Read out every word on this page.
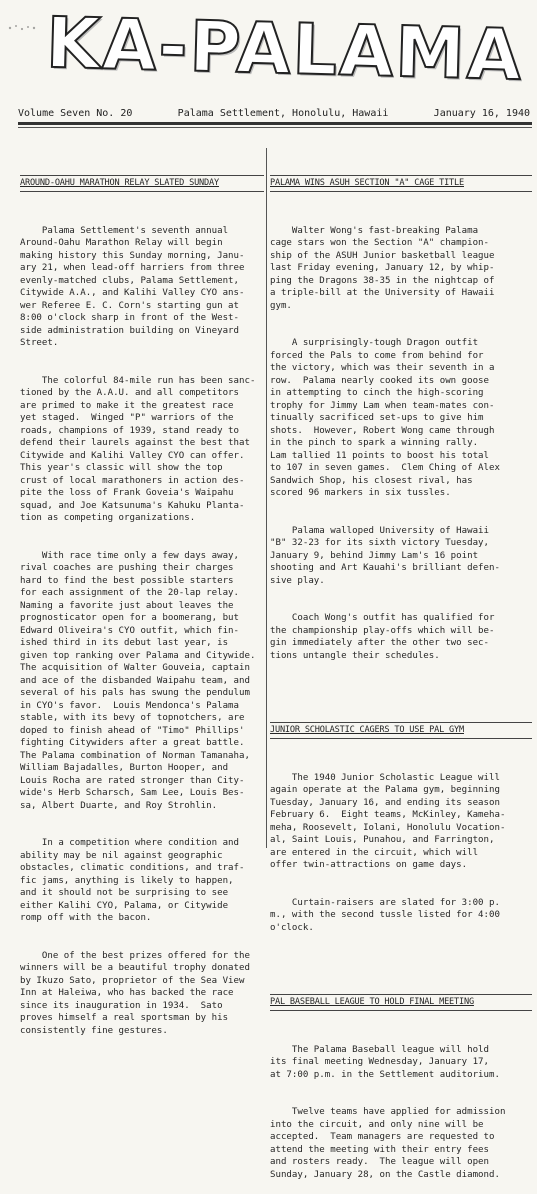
KA-PALAMA
Volume Seven No. 20	Palama Settlement, Honolulu, Hawaii	January 16, 1940

AROUND-OAHU MARATHON RELAY SLATED SUNDAY

Palama Settlement's seventh annual
Around-Oahu Marathon Relay will begin
making history this Sunday morning, Janu-
ary 21, when lead-off harriers from three
evenly-matched clubs, Palama Settlement,
Citywide A.A., and Kalihi Valley CYO ans-
wer Referee E. C. Corn's starting gun at
8:00 o'clock sharp in front of the West-
side administration building on Vineyard
Street.

The colorful 84-mile run has been sanc-
tioned by the A.A.U. and all competitors
are primed to make it the greatest race
yet staged.  Winged "P" warriors of the
roads, champions of 1939, stand ready to
defend their laurels against the best that
Citywide and Kalihi Valley CYO can offer.
This year's classic will show the top
crust of local marathoners in action des-
pite the loss of Frank Goveia's Waipahu
squad, and Joe Katsunuma's Kahuku Planta-
tion as competing organizations.

With race time only a few days away,
rival coaches are pushing their charges
hard to find the best possible starters
for each assignment of the 20-lap relay.
Naming a favorite just about leaves the
prognosticator open for a boomerang, but
Edward Oliveira's CYO outfit, which fin-
ished third in its debut last year, is
given top ranking over Palama and Citywide.
The acquisition of Walter Gouveia, captain
and ace of the disbanded Waipahu team, and
several of his pals has swung the pendulum
in CYO's favor.  Louis Mendonca's Palama
stable, with its bevy of topnotchers, are
doped to finish ahead of "Timo" Phillips'
fighting Citywiders after a great battle.
The Palama combination of Norman Tamanaha,
William Bajadalles, Burton Hooper, and
Louis Rocha are rated stronger than City-
wide's Herb Scharsch, Sam Lee, Louis Bes-
sa, Albert Duarte, and Roy Strohlin.

In a competition where condition and
ability may be nil against geographic
obstacles, climatic conditions, and traf-
fic jams, anything is likely to happen,
and it should not be surprising to see
either Kalihi CYO, Palama, or Citywide
romp off with the bacon.

One of the best prizes offered for the
winners will be a beautiful trophy donated
by Ikuzo Sato, proprietor of the Sea View
Inn at Haleiwa, who has backed the race
since its inauguration in 1934.  Sato
proves himself a real sportsman by his
consistently fine gestures.

PALAMA WINS ASUH SECTION "A" CAGE TITLE

Walter Wong's fast-breaking Palama
cage stars won the Section "A" champion-
ship of the ASUH Junior basketball league
last Friday evening, January 12, by whip-
ping the Dragons 38-35 in the nightcap of
a triple-bill at the University of Hawaii
gym.

A surprisingly-tough Dragon outfit
forced the Pals to come from behind for
the victory, which was their seventh in a
row.  Palama nearly cooked its own goose
in attempting to cinch the high-scoring
trophy for Jimmy Lam when team-mates con-
tinually sacrificed set-ups to give him
shots.  However, Robert Wong came through
in the pinch to spark a winning rally.
Lam tallied 11 points to boost his total
to 107 in seven games.  Clem Ching of Alex
Sandwich Shop, his closest rival, has
scored 96 markers in six tussles.

Palama walloped University of Hawaii
"B" 32-23 for its sixth victory Tuesday,
January 9, behind Jimmy Lam's 16 point
shooting and Art Kauahi's brilliant defen-
sive play.

Coach Wong's outfit has qualified for
the championship play-offs which will be-
gin immediately after the other two sec-
tions untangle their schedules.

JUNIOR SCHOLASTIC CAGERS TO USE PAL GYM

The 1940 Junior Scholastic League will
again operate at the Palama gym, beginning
Tuesday, January 16, and ending its season
February 6.  Eight teams, McKinley, Kameha-
meha, Roosevelt, Iolani, Honolulu Vocation-
al, Saint Louis, Punahou, and Farrington,
are entered in the circuit, which will
offer twin-attractions on game days.

Curtain-raisers are slated for 3:00 p.
m., with the second tussle listed for 4:00
o'clock.

PAL BASEBALL LEAGUE TO HOLD FINAL MEETING

The Palama Baseball league will hold
its final meeting Wednesday, January 17,
at 7:00 p.m. in the Settlement auditorium.

Twelve teams have applied for admission
into the circuit, and only nine will be
accepted.  Team managers are requested to
attend the meeting with their entry fees
and rosters ready.  The league will open
Sunday, January 28, on the Castle diamond.
